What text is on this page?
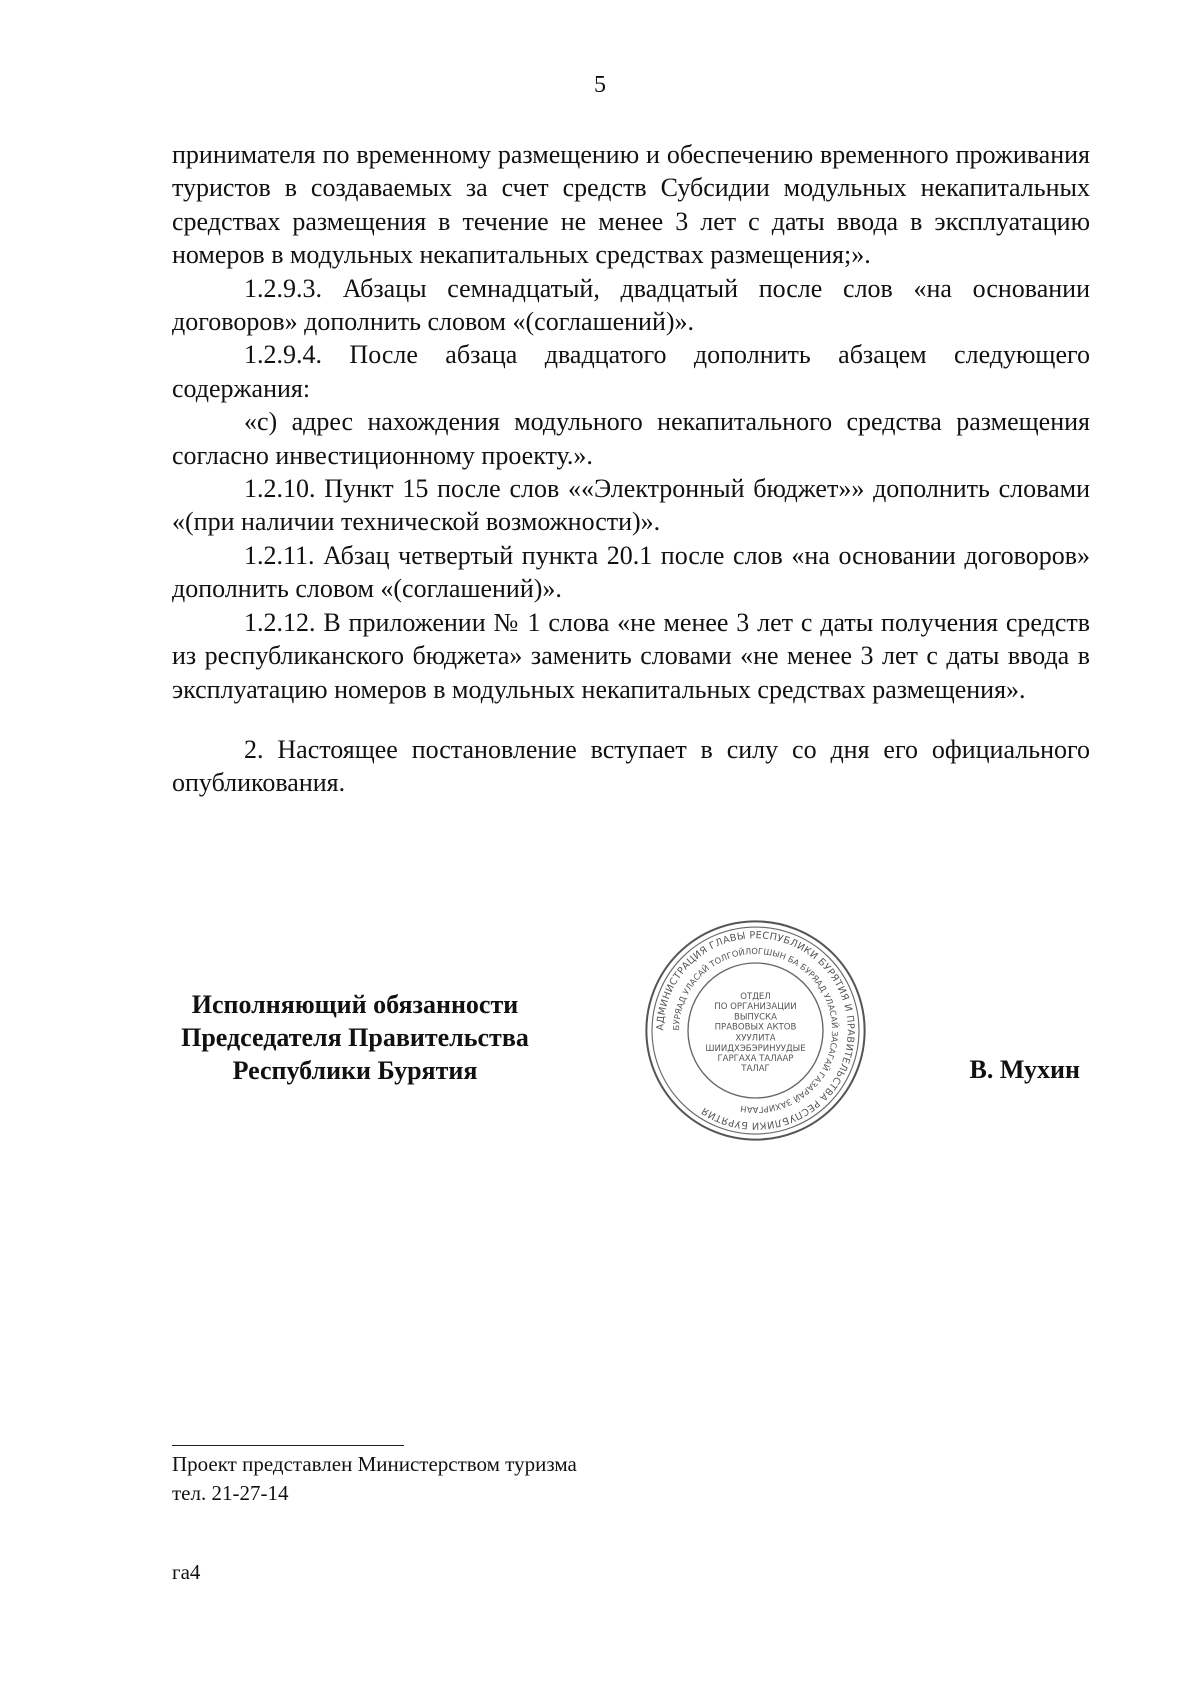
5

принимателя по временному размещению и обеспечению временного проживания туристов в создаваемых за счет средств Субсидии модульных некапитальных средствах размещения в течение не менее 3 лет с даты ввода в эксплуатацию номеров в модульных некапитальных средствах размещения;».

1.2.9.3. Абзацы семнадцатый, двадцатый после слов «на основании договоров» дополнить словом «(соглашений)».

1.2.9.4. После абзаца двадцатого дополнить абзацем следующего содержания:

«с) адрес нахождения модульного некапитального средства размещения согласно инвестиционному проекту.».

1.2.10. Пункт 15 после слов ««Электронный бюджет»» дополнить словами «(при наличии технической возможности)».

1.2.11. Абзац четвертый пункта 20.1 после слов «на основании договоров» дополнить словом «(соглашений)».

1.2.12. В приложении № 1 слова «не менее 3 лет с даты получения средств из республиканского бюджета» заменить словами «не менее 3 лет с даты ввода в эксплуатацию номеров в модульных некапитальных средствах размещения».

2. Настоящее постановление вступает в силу со дня его официального опубликования.

Исполняющий обязанности
Председателя Правительства
Республики Бурятия
АДМИНИСТРАЦИЯ ГЛАВЫ РЕСПУБЛИКИ БУРЯТИЯ И ПРАВИТЕЛЬСТВА РЕСПУБЛИКИ БУРЯТИЯ
БУРЯАД УЛАСАЙ ТОЛГОЙЛОГШЫН БА БУРЯАД УЛАСАЙ ЗАСАГАЙ ГАЗАРАЙ ЗАХИРГААН
ОТДЕЛ
ПО ОРГАНИЗАЦИИ
ВЫПУСКА
ПРАВОВЫХ АКТОВ
ХУУЛИТА
ШИИДХЭБЭРИНУУДЫЕ
ГАРГАХА ТАЛААР
ТАЛАГ	В. Мухин
Проект представлен Министерством туризма
тел. 21-27-14
га4
